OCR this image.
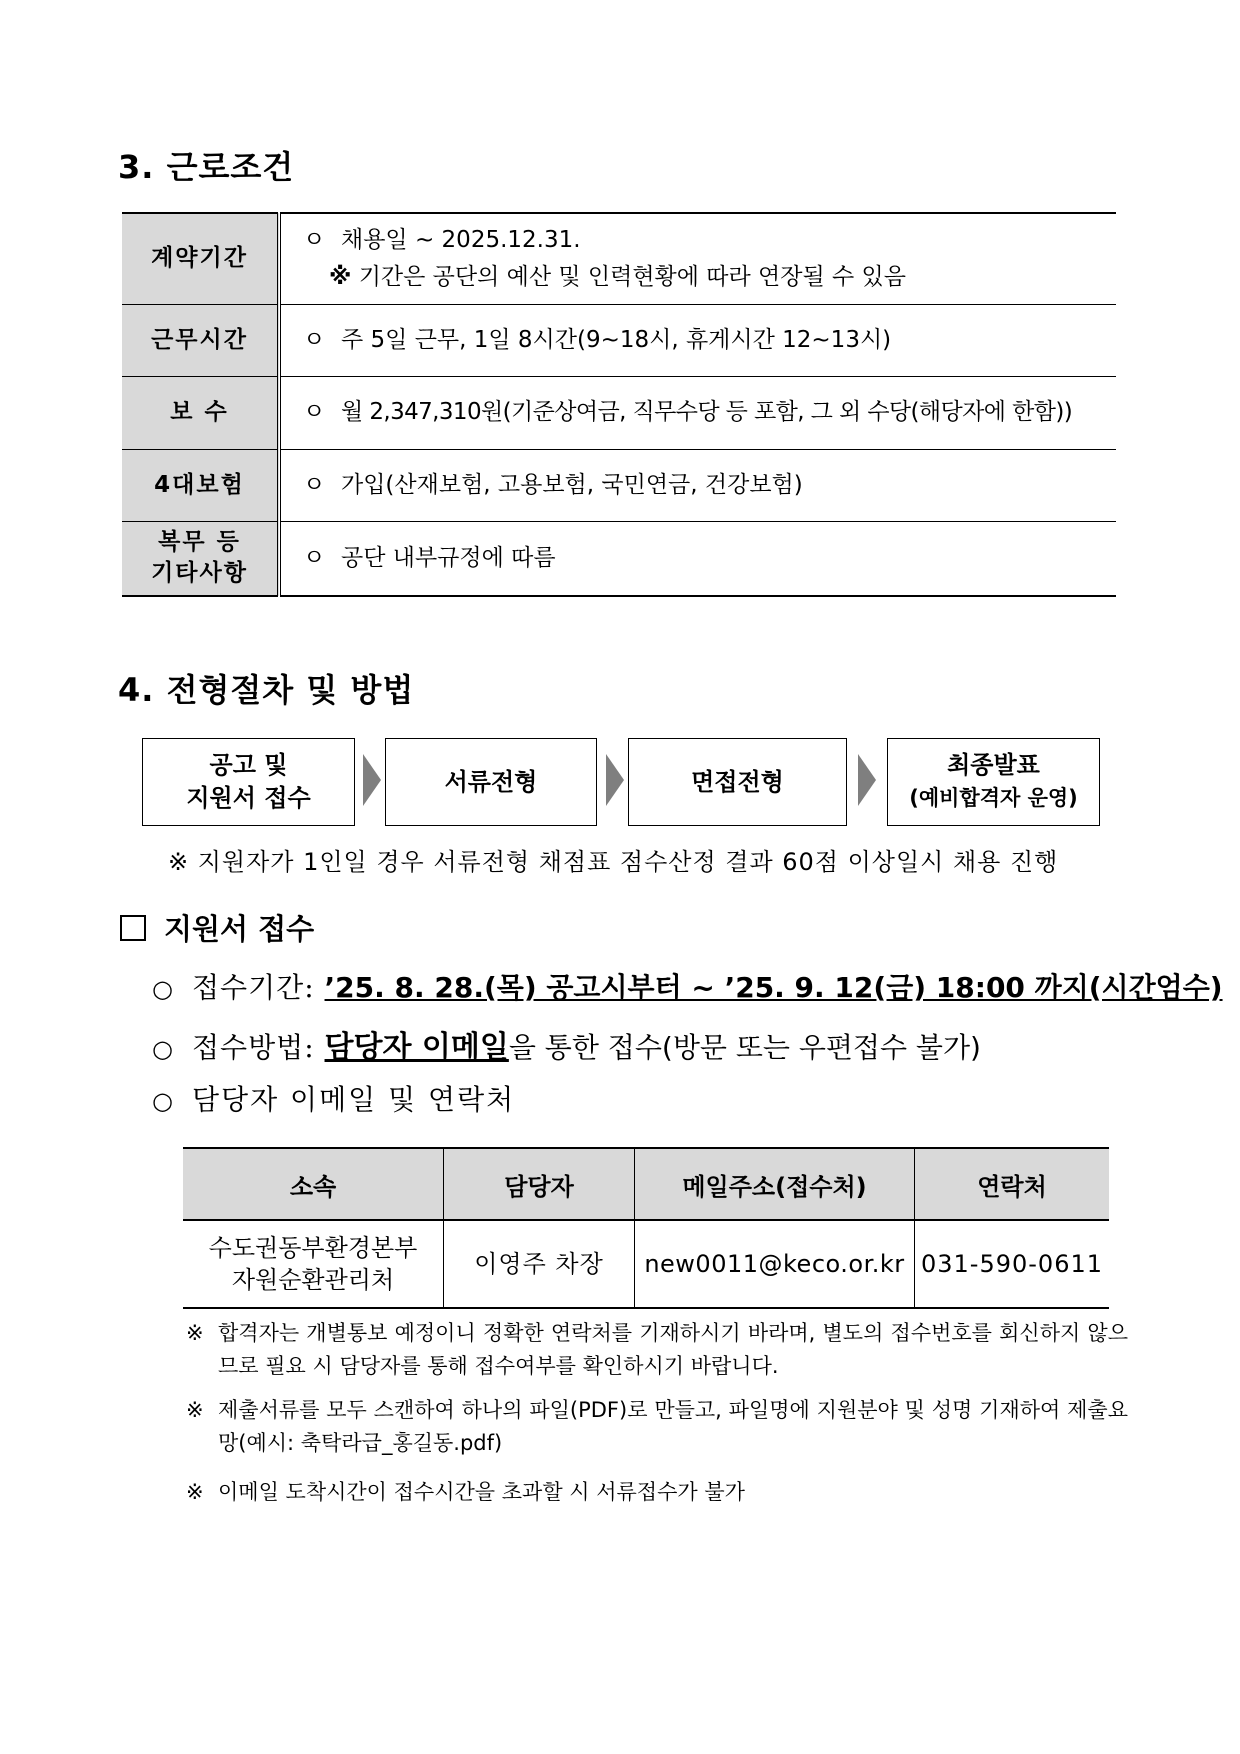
3. 근로조건
계약기간	ㅇ 채용일 ~ 2025.12.31.
※ 기간은 공단의 예산 및 인력현황에 따라 연장될 수 있음

근무시간	ㅇ 주 5일 근무, 1일 8시간(9~18시, 휴게시간 12~13시)
보 수	ㅇ 월 2,347,310원(기준상여금, 직무수당 등 포함, 그 외 수당(해당자에 한함))
4대보험	ㅇ 가입(산재보험, 고용보험, 국민연금, 건강보험)

복무 등
기타사항	ㅇ 공단 내부규정에 따름
4. 전형절차 및 방법
공고 및
지원서 접수
서류전형	면접전형
최종발표
(예비합격자 운영)
※ 지원자가 1인일 경우 서류전형 채점표 점수산정 결과 60점 이상일시 채용 진행
지원서 접수
○ 접수기간: ’25. 8. 28.(목) 공고시부터 ~ ’25. 9. 12(금) 18:00 까지(시간엄수)
○ 접수방법: 담당자 이메일을 통한 접수(방문 또는 우편접수 불가)
○ 담당자 이메일 및 연락처
소속	담당자	메일주소(접수처)	연락처

수도권동부환경본부
자원순환관리처	이영주 차장	new0011@keco.or.kr	031-590-0611
※ 합격자는 개별통보 예정이니 정확한 연락처를 기재하시기 바라며, 별도의 접수번호를 회신하지 않으므로 필요 시 담당자를 통해 접수여부를 확인하시기 바랍니다.
※ 제출서류를 모두 스캔하여 하나의 파일(PDF)로 만들고, 파일명에 지원분야 및 성명 기재하여 제출요망(예시: 축탁라급_홍길동.pdf)
※ 이메일 도착시간이 접수시간을 초과할 시 서류접수가 불가
